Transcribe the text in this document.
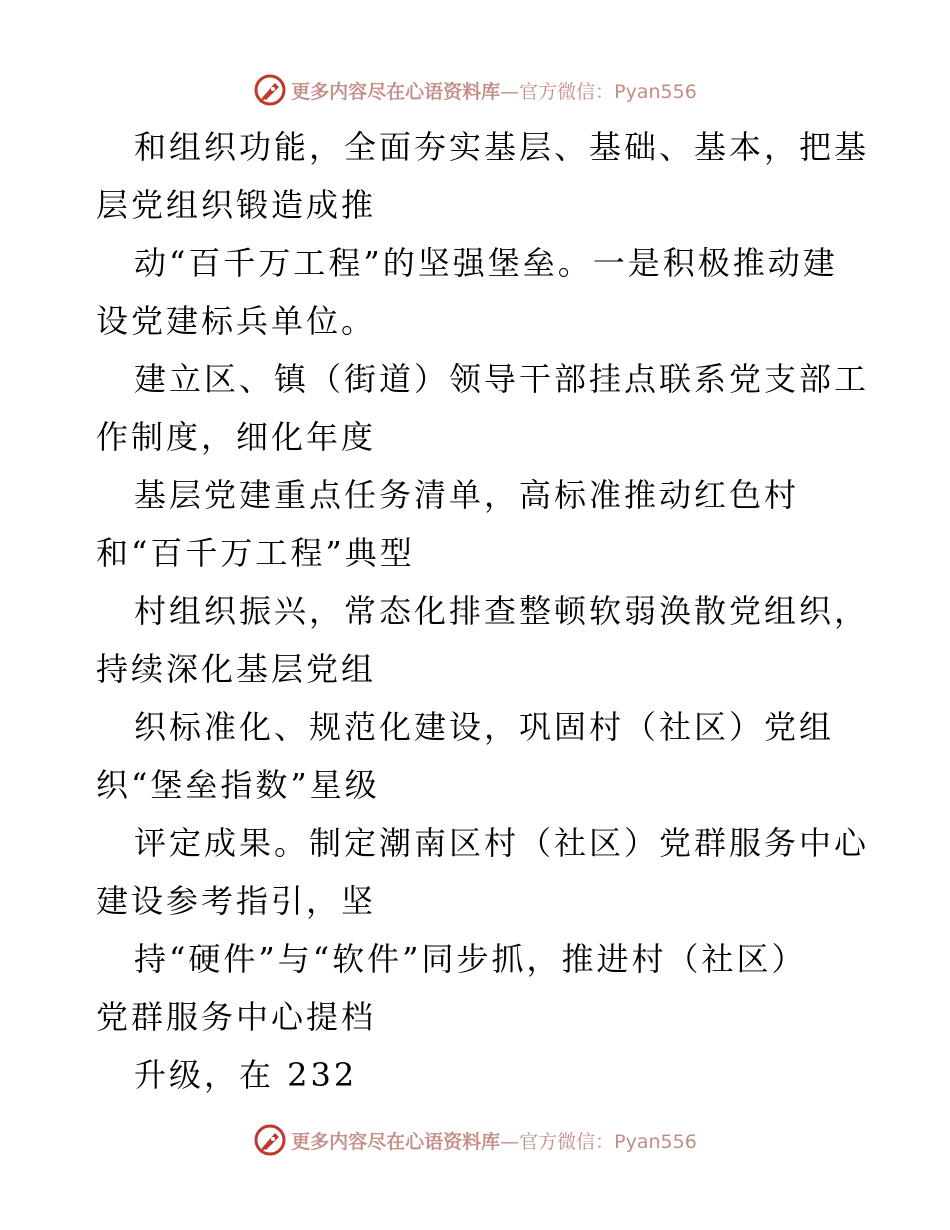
更多内容尽在心语资料库—官方微信：Pyan556
和组织功能，全面夯实基层、基础、基本，把基
层党组织锻造成推
动“百千万工程”的坚强堡垒。一是积极推动建
设党建标兵单位。
建立区、镇（街道）领导干部挂点联系党支部工
作制度，细化年度
基层党建重点任务清单，高标准推动红色村
和“百千万工程”典型
村组织振兴，常态化排查整顿软弱涣散党组织，
持续深化基层党组
织标准化、规范化建设，巩固村（社区）党组
织“堡垒指数”星级
评定成果。制定潮南区村（社区）党群服务中心
建设参考指引，坚
持“硬件”与“软件”同步抓，推进村（社区）
党群服务中心提档
升级，在 232
更多内容尽在心语资料库—官方微信：Pyan556
